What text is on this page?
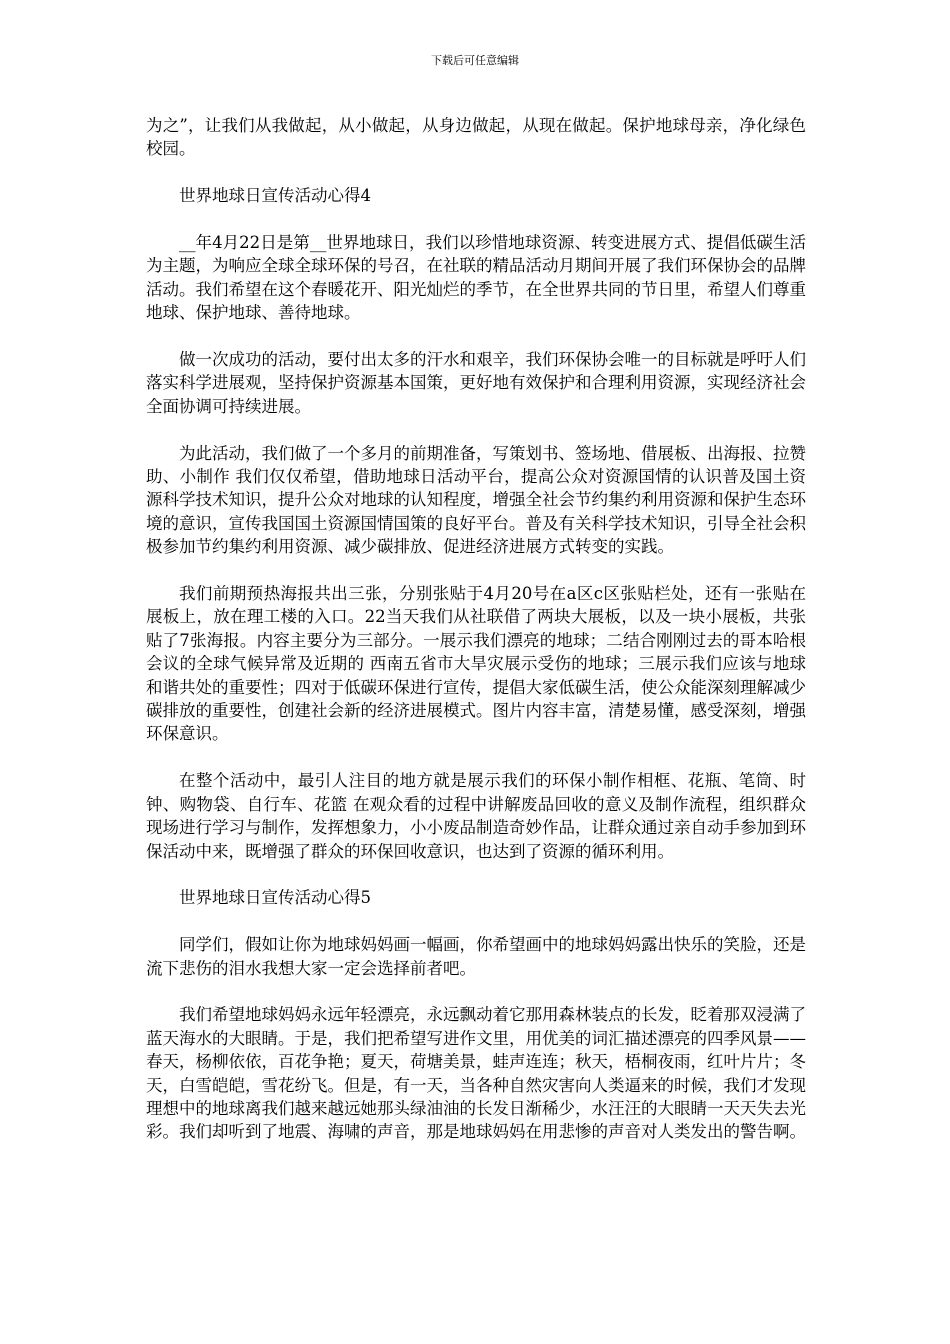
下载后可任意编辑

为之”，让我们从我做起，从小做起，从身边做起，从现在做起。保护地球母亲，净化绿色校园。

世界地球日宣传活动心得4

__年4月22日是第__世界地球日，我们以珍惜地球资源、转变进展方式、提倡低碳生活为主题，为响应全球全球环保的号召，在社联的精品活动月期间开展了我们环保协会的品牌活动。我们希望在这个春暖花开、阳光灿烂的季节，在全世界共同的节日里，希望人们尊重地球、保护地球、善待地球。

做一次成功的活动，要付出太多的汗水和艰辛，我们环保协会唯一的目标就是呼吁人们落实科学进展观，坚持保护资源基本国策，更好地有效保护和合理利用资源，实现经济社会全面协调可持续进展。

为此活动，我们做了一个多月的前期准备，写策划书、签场地、借展板、出海报、拉赞助、小制作 我们仅仅希望，借助地球日活动平台，提高公众对资源国情的认识普及国土资源科学技术知识，提升公众对地球的认知程度，增强全社会节约集约利用资源和保护生态环境的意识，宣传我国国土资源国情国策的良好平台。普及有关科学技术知识，引导全社会积极参加节约集约利用资源、减少碳排放、促进经济进展方式转变的实践。

我们前期预热海报共出三张，分别张贴于4月20号在a区c区张贴栏处，还有一张贴在展板上，放在理工楼的入口。22当天我们从社联借了两块大展板，以及一块小展板，共张贴了7张海报。内容主要分为三部分。一展示我们漂亮的地球；二结合刚刚过去的哥本哈根会议的全球气候异常及近期的 西南五省市大旱灾展示受伤的地球；三展示我们应该与地球和谐共处的重要性；四对于低碳环保进行宣传，提倡大家低碳生活，使公众能深刻理解减少碳排放的重要性，创建社会新的经济进展模式。图片内容丰富，清楚易懂，感受深刻，增强环保意识。

在整个活动中，最引人注目的地方就是展示我们的环保小制作相框、花瓶、笔筒、时钟、购物袋、自行车、花篮 在观众看的过程中讲解废品回收的意义及制作流程，组织群众现场进行学习与制作，发挥想象力，小小废品制造奇妙作品，让群众通过亲自动手参加到环保活动中来，既增强了群众的环保回收意识，也达到了资源的循环利用。

世界地球日宣传活动心得5

同学们，假如让你为地球妈妈画一幅画，你希望画中的地球妈妈露出快乐的笑脸，还是流下悲伤的泪水我想大家一定会选择前者吧。

我们希望地球妈妈永远年轻漂亮，永远飘动着它那用森林装点的长发，眨着那双浸满了蓝天海水的大眼睛。于是，我们把希望写进作文里，用优美的词汇描述漂亮的四季风景——春天，杨柳依依，百花争艳；夏天，荷塘美景，蛙声连连；秋天，梧桐夜雨，红叶片片；冬天，白雪皑皑，雪花纷飞。但是，有一天，当各种自然灾害向人类逼来的时候，我们才发现理想中的地球离我们越来越远她那头绿油油的长发日渐稀少，水汪汪的大眼睛一天天失去光彩。我们却听到了地震、海啸的声音，那是地球妈妈在用悲惨的声音对人类发出的警告啊。
